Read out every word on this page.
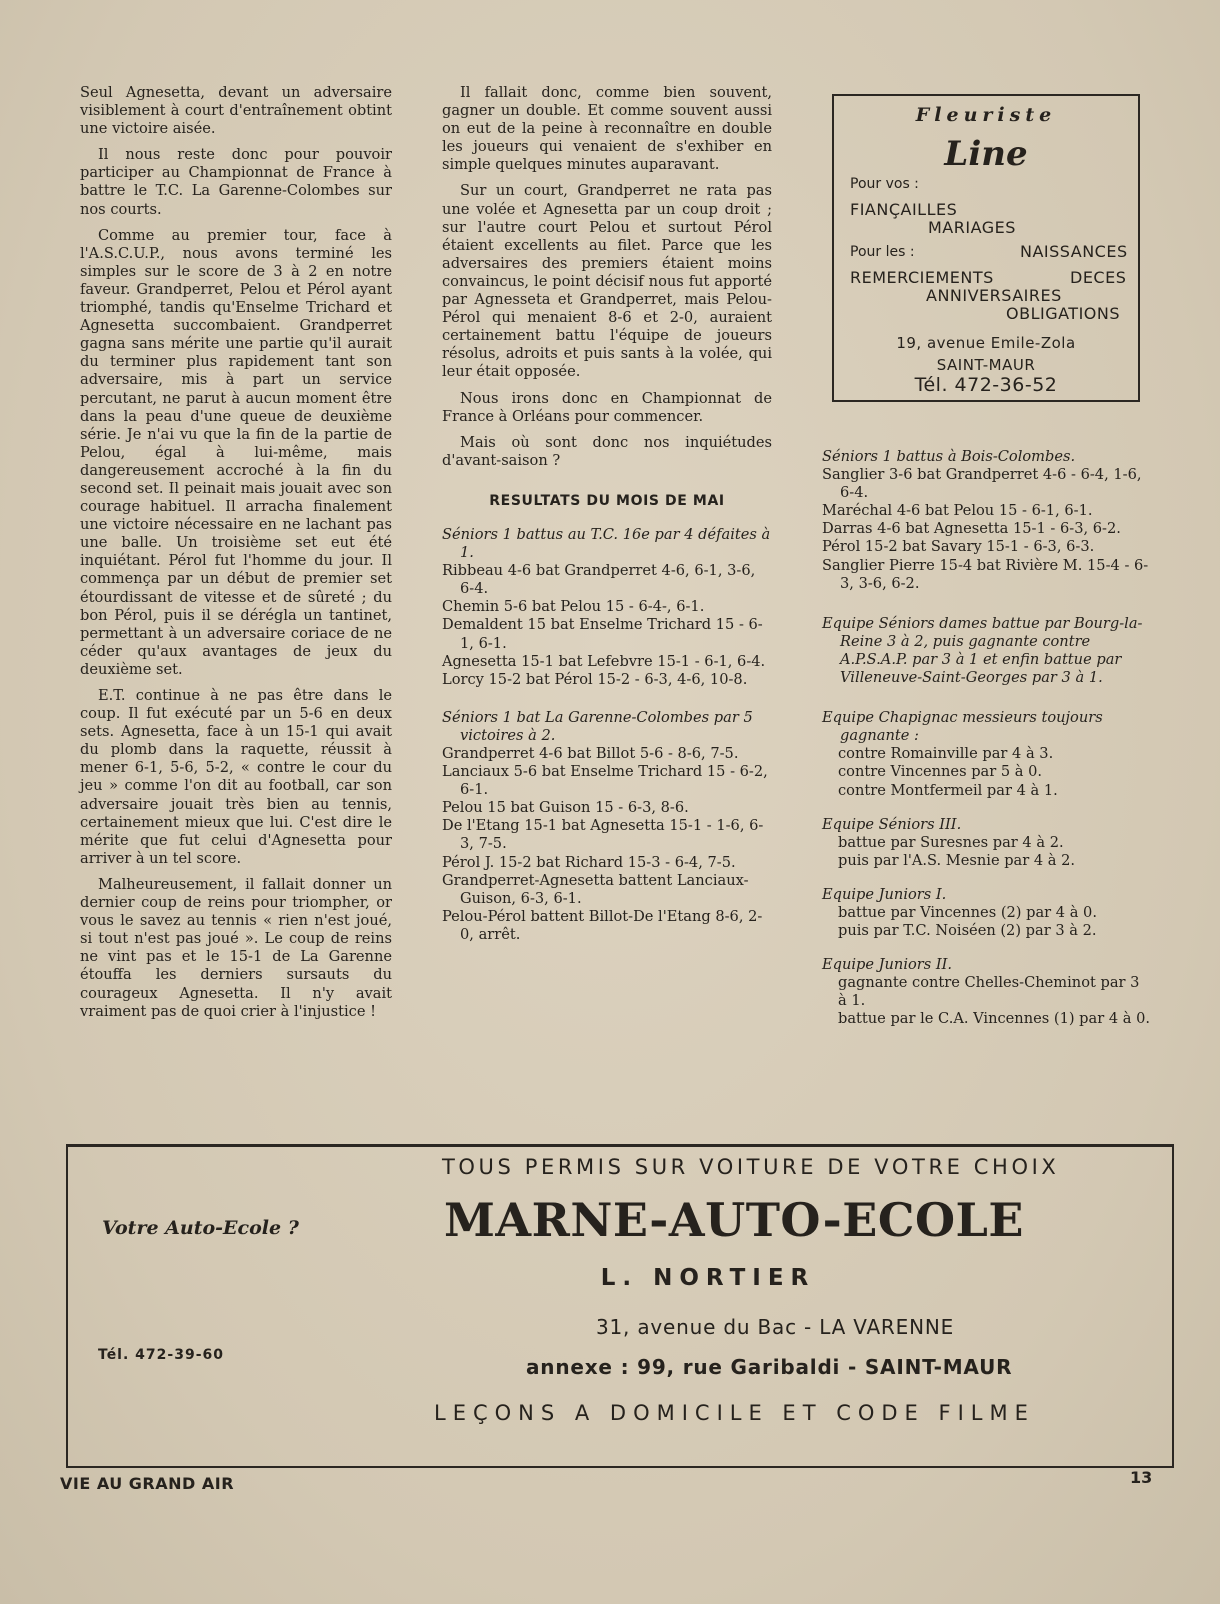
Seul Agnesetta, devant un adversaire visiblement à court d'entraînement obtint une victoire aisée.

Il nous reste donc pour pouvoir participer au Championnat de France à battre le T.C. La Garenne-Colombes sur nos courts.

Comme au premier tour, face à l'A.S.C.U.P., nous avons terminé les simples sur le score de 3 à 2 en notre faveur. Grandperret, Pelou et Pérol ayant triomphé, tandis qu'Enselme Trichard et Agnesetta succombaient. Grandperret gagna sans mérite une partie qu'il aurait du terminer plus rapidement tant son adversaire, mis à part un service percutant, ne parut à aucun moment être dans la peau d'une queue de deuxième série. Je n'ai vu que la fin de la partie de Pelou, égal à lui-même, mais dangereusement accroché à la fin du second set. Il peinait mais jouait avec son courage habituel. Il arracha finalement une victoire nécessaire en ne lachant pas une balle. Un troisième set eut été inquiétant. Pérol fut l'homme du jour. Il commença par un début de premier set étourdissant de vitesse et de sûreté ; du bon Pérol, puis il se dérégla un tantinet, permettant à un adversaire coriace de ne céder qu'aux avantages de jeux du deuxième set.

E.T. continue à ne pas être dans le coup. Il fut exécuté par un 5-6 en deux sets. Agnesetta, face à un 15-1 qui avait du plomb dans la raquette, réussit à mener 6-1, 5-6, 5-2, « contre le cour du jeu » comme l'on dit au football, car son adversaire jouait très bien au tennis, certainement mieux que lui. C'est dire le mérite que fut celui d'Agnesetta pour arriver à un tel score.

Malheureusement, il fallait donner un dernier coup de reins pour triompher, or vous le savez au tennis « rien n'est joué, si tout n'est pas joué ». Le coup de reins ne vint pas et le 15-1 de La Garenne étouffa les derniers sursauts du courageux Agnesetta. Il n'y avait vraiment pas de quoi crier à l'injustice !

Il fallait donc, comme bien souvent, gagner un double. Et comme souvent aussi on eut de la peine à reconnaître en double les joueurs qui venaient de s'exhiber en simple quelques minutes auparavant.

Sur un court, Grandperret ne rata pas une volée et Agnesetta par un coup droit ; sur l'autre court Pelou et surtout Pérol étaient excellents au filet. Parce que les adversaires des premiers étaient moins convaincus, le point décisif nous fut apporté par Agnesseta et Grandperret, mais Pelou-Pérol qui menaient 8-6 et 2-0, auraient certainement battu l'équipe de joueurs résolus, adroits et puis sants à la volée, qui leur était opposée.

Nous irons donc en Championnat de France à Orléans pour commencer.

Mais où sont donc nos inquiétudes d'avant-saison ?

RESULTATS DU MOIS DE MAI
Séniors 1 battus au T.C. 16e par 4 défaites à 1.
Ribbeau 4-6 bat Grandperret 4-6, 6-1, 3-6, 6-4.
Chemin 5-6 bat Pelou 15 - 6-4-, 6-1.
Demaldent 15 bat Enselme Trichard 15 - 6-1, 6-1.
Agnesetta 15-1 bat Lefebvre 15-1 - 6-1, 6-4.
Lorcy 15-2 bat Pérol 15-2 - 6-3, 4-6, 10-8.
Séniors 1 bat La Garenne-Colombes par 5 victoires à 2.
Grandperret 4-6 bat Billot 5-6 - 8-6, 7-5.
Lanciaux 5-6 bat Enselme Trichard 15 - 6-2, 6-1.
Pelou 15 bat Guison 15 - 6-3, 8-6.
De l'Etang 15-1 bat Agnesetta 15-1 - 1-6, 6-3, 7-5.
Pérol J. 15-2 bat Richard 15-3 - 6-4, 7-5.
Grandperret-Agnesetta battent Lanciaux-Guison, 6-3, 6-1.
Pelou-Pérol battent Billot-De l'Etang 8-6, 2-0, arrêt.
Fleuriste
Line
Pour vos :
FIANÇAILLES
MARIAGES
Pour les :	NAISSANCES
REMERCIEMENTS	DECES
ANNIVERSAIRES
OBLIGATIONS
19, avenue Emile-Zola
SAINT-MAUR
Tél. 472-36-52
Séniors 1 battus à Bois-Colombes.
Sanglier 3-6 bat Grandperret 4-6 - 6-4, 1-6, 6-4.
Maréchal 4-6 bat Pelou 15 - 6-1, 6-1.
Darras 4-6 bat Agnesetta 15-1 - 6-3, 6-2.
Pérol 15-2 bat Savary 15-1 - 6-3, 6-3.
Sanglier Pierre 15-4 bat Rivière M. 15-4 - 6-3, 3-6, 6-2.
Equipe Séniors dames battue par Bourg-la-Reine 3 à 2, puis gagnante contre A.P.S.A.P. par 3 à 1 et enfin battue par Villeneuve-Saint-Georges par 3 à 1.
Equipe Chapignac messieurs toujours gagnante :
contre Romainville par 4 à 3.
contre Vincennes par 5 à 0.
contre Montfermeil par 4 à 1.
Equipe Séniors III.
battue par Suresnes par 4 à 2.
puis par l'A.S. Mesnie par 4 à 2.
Equipe Juniors I.
battue par Vincennes (2) par 4 à 0.
puis par T.C. Noiséen (2) par 3 à 2.
Equipe Juniors II.
gagnante contre Chelles-Cheminot par 3 à 1.
battue par le C.A. Vincennes (1) par 4 à 0.
TOUS PERMIS SUR VOITURE DE VOTRE CHOIX
Votre Auto-Ecole ?	MARNE-AUTO-ECOLE
L. NORTIER
31, avenue du Bac - LA VARENNE
annexe : 99, rue Garibaldi - SAINT-MAUR
Tél. 472-39-60
LEÇONS A DOMICILE ET CODE FILME
VIE AU GRAND AIR	13
